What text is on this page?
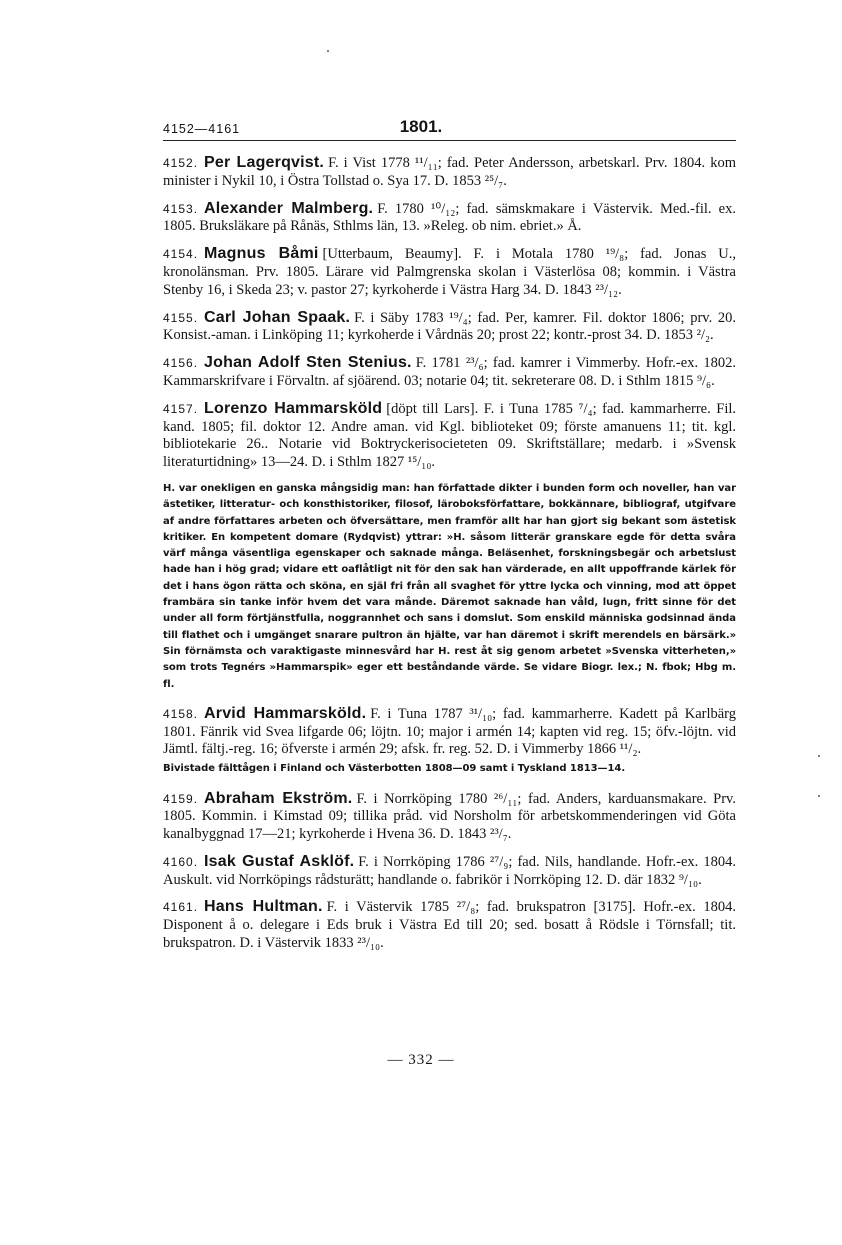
4152—4161	1801.

4152. Per Lagerqvist. F. i Vist 1778 ¹¹/₁₁; fad. Peter Andersson, arbetskarl. Prv. 1804. kom minister i Nykil 10, i Östra Tollstad o. Sya 17. D. 1853 ²⁵/₇.

4153. Alexander Malmberg. F. 1780 ¹⁰/₁₂; fad. sämskmakare i Västervik. Med.-fil. ex. 1805. Bruksläkare på Rånäs, Sthlms län, 13. »Releg. ob nim. ebriet.» Å.

4154. Magnus Båmi [Utterbaum, Beaumy]. F. i Motala 1780 ¹⁹/₈; fad. Jonas U., kronolänsman. Prv. 1805. Lärare vid Palmgrenska skolan i Västerlösa 08; kommin. i Västra Stenby 16, i Skeda 23; v. pastor 27; kyrkoherde i Västra Harg 34. D. 1843 ²³/₁₂.

4155. Carl Johan Spaak. F. i Säby 1783 ¹⁹/₄; fad. Per, kamrer. Fil. doktor 1806; prv. 20. Konsist.-aman. i Linköping 11; kyrkoherde i Vårdnäs 20; prost 22; kontr.-prost 34. D. 1853 ²/₂.

4156. Johan Adolf Sten Stenius. F. 1781 ²³/₆; fad. kamrer i Vimmerby. Hofr.-ex. 1802. Kammarskrifvare i Förvaltn. af sjöärend. 03; notarie 04; tit. sekreterare 08. D. i Sthlm 1815 ⁹/₆.

4157. Lorenzo Hammarsköld [döpt till Lars]. F. i Tuna 1785 ⁷/₄; fad. kammarherre. Fil. kand. 1805; fil. doktor 12. Andre aman. vid Kgl. biblioteket 09; förste amanuens 11; tit. kgl. bibliotekarie 26.. Notarie vid Boktryckerisocieteten 09. Skriftställare; medarb. i »Svensk literaturtidning» 13—24. D. i Sthlm 1827 ¹⁵/₁₀.

H. var onekligen en ganska mångsidig man: han författade dikter i bunden form och noveller, han var ästetiker, litteratur- och konsthistoriker, filosof, läroboksförfattare, bokkännare, bibliograf, utgifvare af andre författares arbeten och öfversättare, men framför allt har han gjort sig bekant som ästetisk kritiker. En kompetent domare (Rydqvist) yttrar: »H. såsom litterär granskare egde för detta svåra värf många väsentliga egenskaper och saknade många. Beläsenhet, forskningsbegär och arbetslust hade han i hög grad; vidare ett oaflåtligt nit för den sak han värderade, en allt uppoffrande kärlek för det i hans ögon rätta och sköna, en själ fri från all svaghet för yttre lycka och vinning, mod att öppet frambära sin tanke inför hvem det vara månde. Däremot saknade han våld, lugn, fritt sinne för det under all form förtjänstfulla, noggrannhet och sans i domslut. Som enskild människa godsinnad ända till flathet och i umgänget snarare pultron än hjälte, var han däremot i skrift merendels en bärsärk.» Sin förnämsta och varaktigaste minnesvård har H. rest åt sig genom arbetet »Svenska vitterheten,» som trots Tegnérs »Hammarspik» eger ett beståndande värde. Se vidare Biogr. lex.; N. fbok; Hbg m. fl.

4158. Arvid Hammarsköld. F. i Tuna 1787 ³¹/₁₀; fad. kammarherre. Kadett på Karlbärg 1801. Fänrik vid Svea lifgarde 06; löjtn. 10; major i armén 14; kapten vid reg. 15; öfv.-löjtn. vid Jämtl. fältj.-reg. 16; öfverste i armén 29; afsk. fr. reg. 52. D. i Vimmerby 1866 ¹¹/₂.

Bivistade fälttågen i Finland och Västerbotten 1808—09 samt i Tyskland 1813—14.

4159. Abraham Ekström. F. i Norrköping 1780 ²⁶/₁₁; fad. Anders, karduansmakare. Prv. 1805. Kommin. i Kimstad 09; tillika pråd. vid Norsholm för arbetskommenderingen vid Göta kanalbyggnad 17—21; kyrkoherde i Hvena 36. D. 1843 ²³/₇.

4160. Isak Gustaf Asklöf. F. i Norrköping 1786 ²⁷/₉; fad. Nils, handlande. Hofr.-ex. 1804. Auskult. vid Norrköpings rådsturätt; handlande o. fabrikör i Norrköping 12. D. där 1832 ⁹/₁₀.

4161. Hans Hultman. F. i Västervik 1785 ²⁷/₈; fad. brukspatron [3175]. Hofr.-ex. 1804. Disponent å o. delegare i Eds bruk i Västra Ed till 20; sed. bosatt å Rödsle i Törnsfall; tit. brukspatron. D. i Västervik 1833 ²³/₁₀.

— 332 —
